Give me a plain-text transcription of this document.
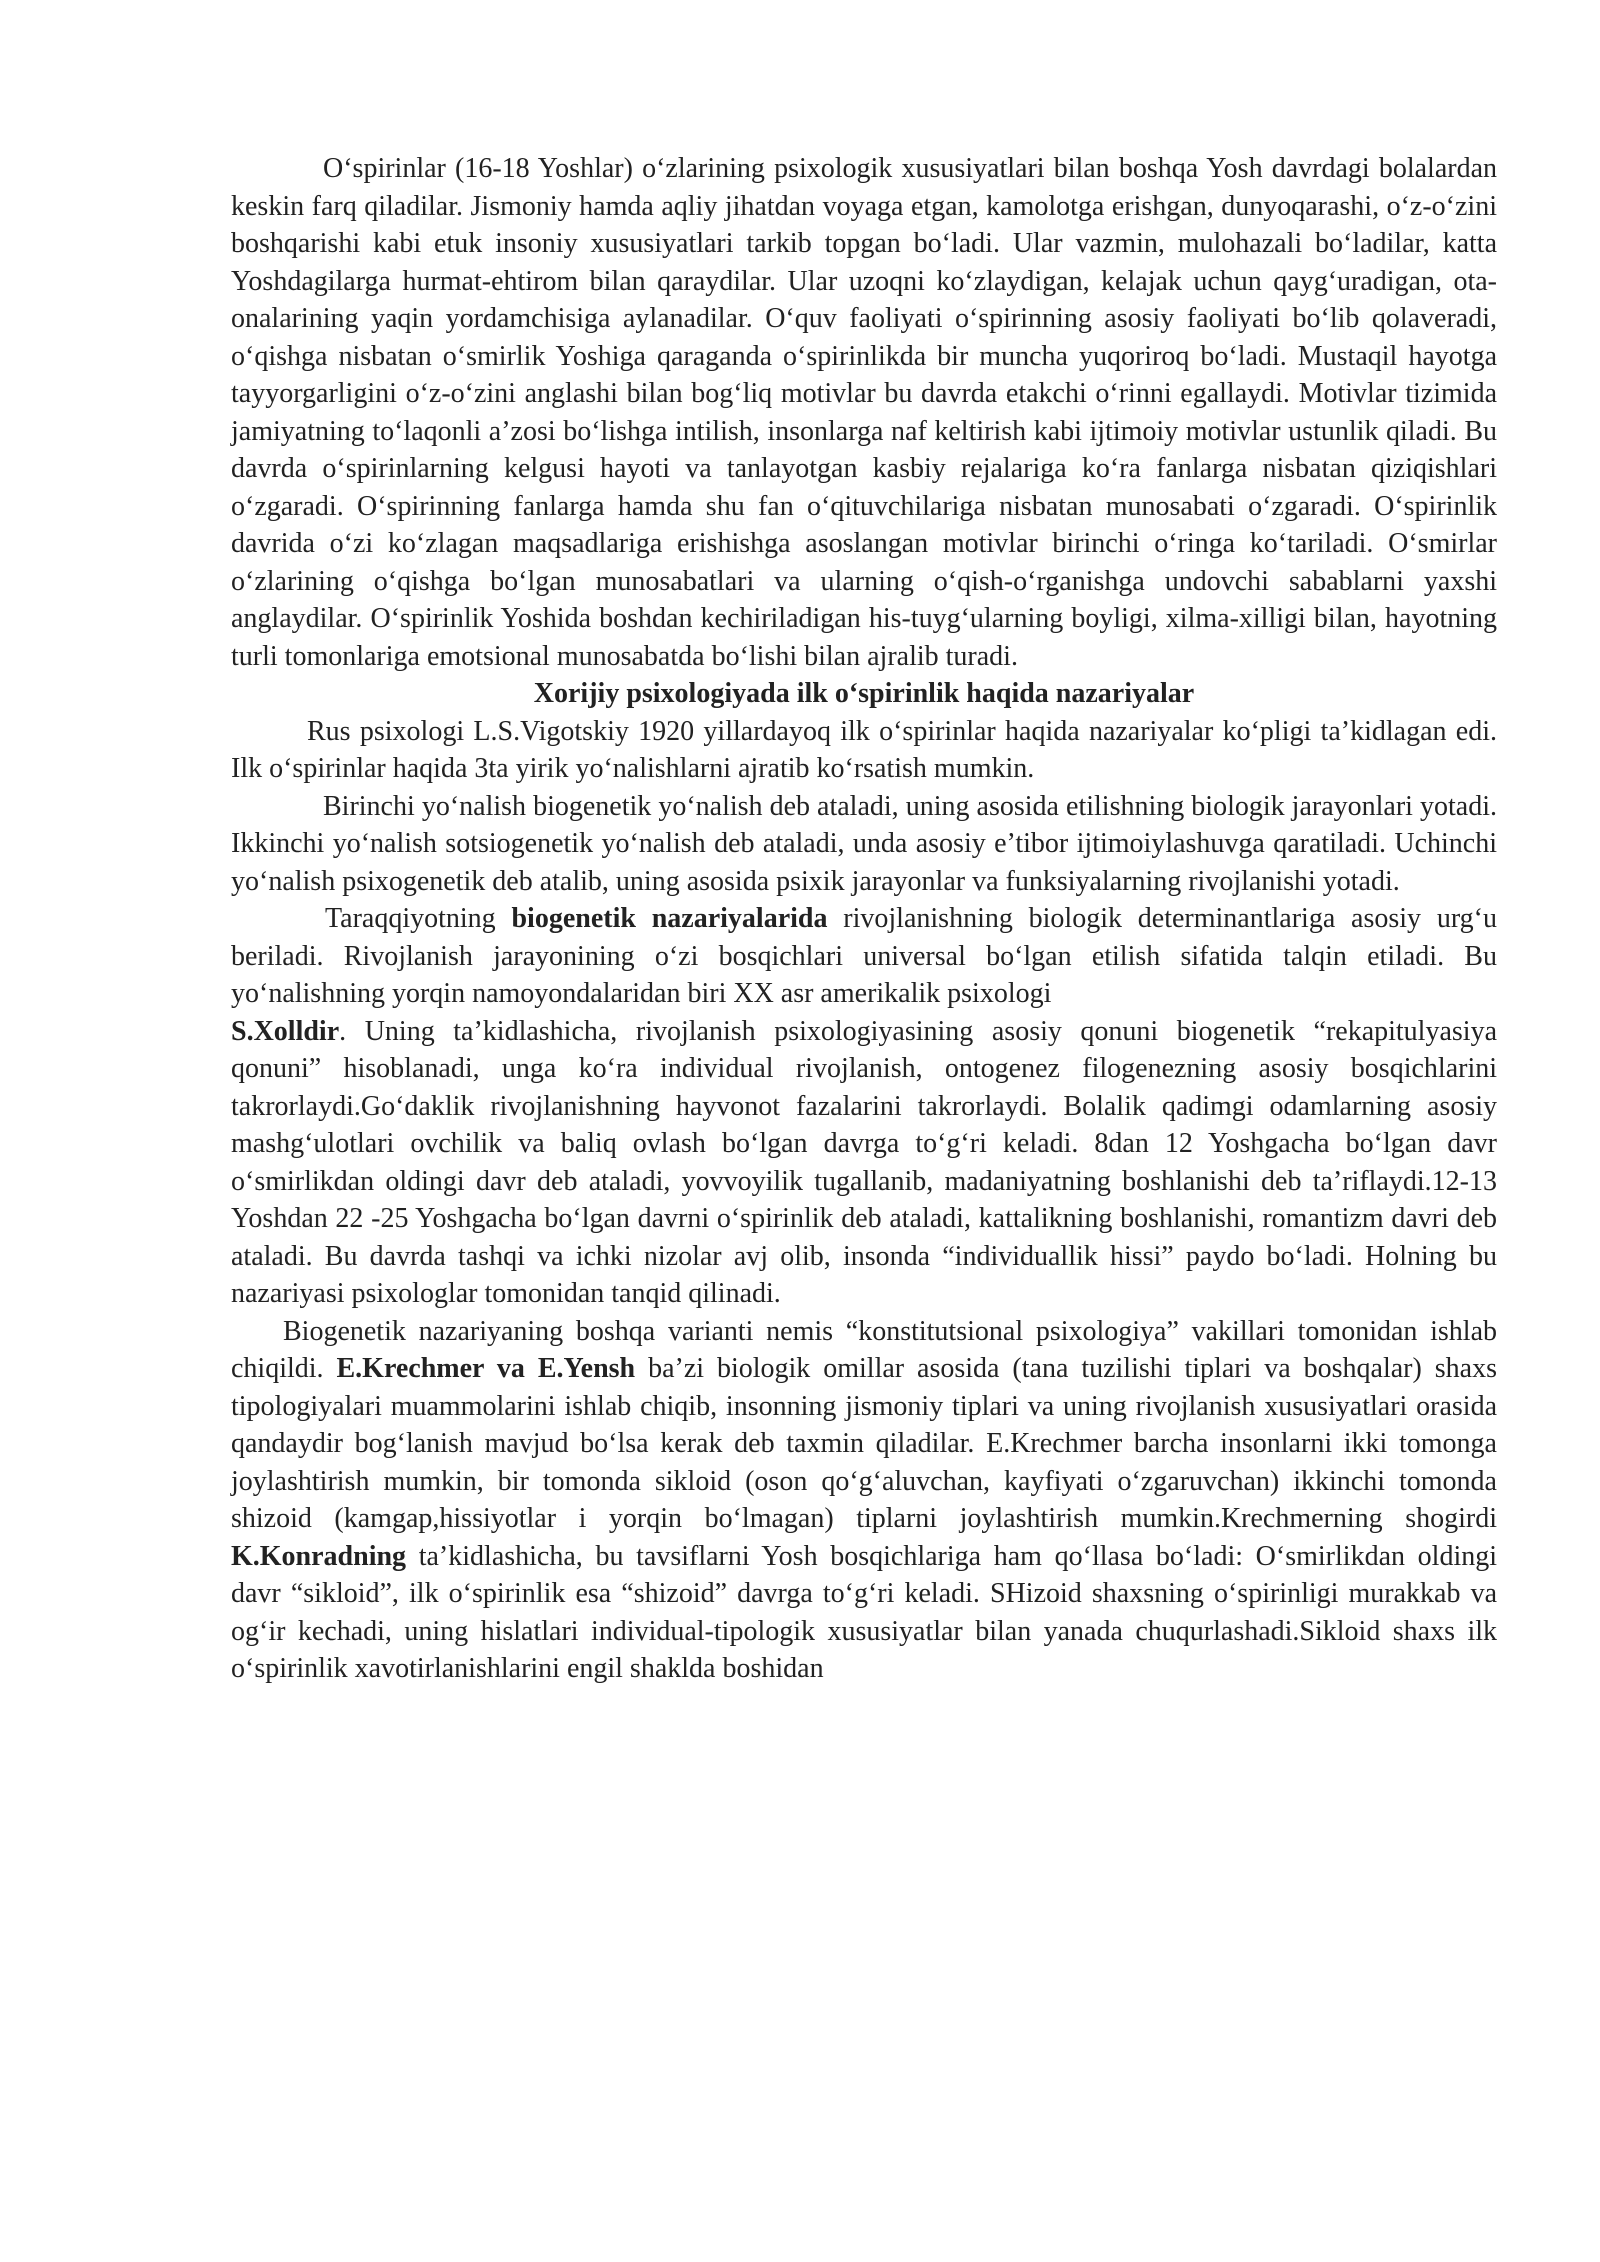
O‘spirinlar (16-18 Yoshlar) o‘zlarining psixologik xususiyatlari bilan boshqa Yosh davrdagi bolalardan keskin farq qiladilar. Jismoniy hamda aqliy jihatdan voyaga etgan, kamolotga erishgan, dunyoqarashi, o‘z-o‘zini boshqarishi kabi etuk insoniy xususiyatlari tarkib topgan bo‘ladi. Ular vazmin, mulohazali bo‘ladilar, katta Yoshdagilarga hurmat-ehtirom bilan qaraydilar. Ular uzoqni ko‘zlaydigan, kelajak uchun qayg‘uradigan, ota-onalarining yaqin yordamchisiga aylanadilar. O‘quv faoliyati o‘spirinning asosiy faoliyati bo‘lib qolaveradi, o‘qishga nisbatan o‘smirlik Yoshiga qaraganda o‘spirinlikda bir muncha yuqoriroq bo‘ladi. Mustaqil hayotga tayyorgarligini o‘z-o‘zini anglashi bilan bog‘liq motivlar bu davrda etakchi o‘rinni egallaydi. Motivlar tizimida jamiyatning to‘laqonli a’zosi bo‘lishga intilish, insonlarga naf keltirish kabi ijtimoiy motivlar ustunlik qiladi. Bu davrda o‘spirinlarning kelgusi hayoti va tanlayotgan kasbiy rejalariga ko‘ra fanlarga nisbatan qiziqishlari o‘zgaradi. O‘spirinning fanlarga hamda shu fan o‘qituvchilariga nisbatan munosabati o‘zgaradi. O‘spirinlik davrida o‘zi ko‘zlagan maqsadlariga erishishga asoslangan motivlar birinchi o‘ringa ko‘tariladi. O‘smirlar o‘zlarining o‘qishga bo‘lgan munosabatlari va ularning o‘qish-o‘rganishga undovchi sabablarni yaxshi anglaydilar. O‘spirinlik Yoshida boshdan kechiriladigan his-tuyg‘ularning boyligi, xilma-xilligi bilan, hayotning turli tomonlariga emotsional munosabatda bo‘lishi bilan ajralib turadi.

Xorijiy psixologiyada ilk o‘spirinlik haqida nazariyalar

Rus psixologi L.S.Vigotskiy 1920 yillardayoq ilk o‘spirinlar haqida nazariyalar ko‘pligi ta’kidlagan edi. Ilk o‘spirinlar haqida 3ta yirik yo‘nalishlarni ajratib ko‘rsatish mumkin.

Birinchi yo‘nalish biogenetik yo‘nalish deb ataladi, uning asosida etilishning biologik jarayonlari yotadi. Ikkinchi yo‘nalish sotsiogenetik yo‘nalish deb ataladi, unda asosiy e’tibor ijtimoiylashuvga qaratiladi. Uchinchi yo‘nalish psixogenetik deb atalib, uning asosida psixik jarayonlar va funksiyalarning rivojlanishi yotadi.

Taraqqiyotning biogenetik nazariyalarida rivojlanishning biologik determinantlariga asosiy urg‘u beriladi. Rivojlanish jarayonining o‘zi bosqichlari universal bo‘lgan etilish sifatida talqin etiladi. Bu yo‘nalishning yorqin namoyondalaridan biri XX asr amerikalik psixologi

S.Xolldir. Uning ta’kidlashicha, rivojlanish psixologiyasining asosiy qonuni biogenetik “rekapitulyasiya qonuni” hisoblanadi, unga ko‘ra individual rivojlanish, ontogenez filogenezning asosiy bosqichlarini takrorlaydi.Go‘daklik rivojlanishning hayvonot fazalarini takrorlaydi. Bolalik qadimgi odamlarning asosiy mashg‘ulotlari ovchilik va baliq ovlash bo‘lgan davrga to‘g‘ri keladi. 8dan 12 Yoshgacha bo‘lgan davr o‘smirlikdan oldingi davr deb ataladi, yovvoyilik tugallanib, madaniyatning boshlanishi deb ta’riflaydi.12-13 Yoshdan 22 -25 Yoshgacha bo‘lgan davrni o‘spirinlik deb ataladi, kattalikning boshlanishi, romantizm davri deb ataladi. Bu davrda tashqi va ichki nizolar avj olib, insonda “individuallik hissi” paydo bo‘ladi. Holning bu nazariyasi psixologlar tomonidan tanqid qilinadi.

Biogenetik nazariyaning boshqa varianti nemis “konstitutsional psixologiya” vakillari tomonidan ishlab chiqildi. E.Krechmer va E.Yensh ba’zi biologik omillar asosida (tana tuzilishi tiplari va boshqalar) shaxs tipologiyalari muammolarini ishlab chiqib, insonning jismoniy tiplari va uning rivojlanish xususiyatlari orasida qandaydir bog‘lanish mavjud bo‘lsa kerak deb taxmin qiladilar. E.Krechmer barcha insonlarni ikki tomonga joylashtirish mumkin, bir tomonda sikloid (oson qo‘g‘aluvchan, kayfiyati o‘zgaruvchan) ikkinchi tomonda shizoid (kamgap,hissiyotlar i yorqin bo‘lmagan) tiplarni joylashtirish mumkin.Krechmerning shogirdi K.Konradning ta’kidlashicha, bu tavsiflarni Yosh bosqichlariga ham qo‘llasa bo‘ladi: O‘smirlikdan oldingi davr “sikloid”, ilk o‘spirinlik esa “shizoid” davrga to‘g‘ri keladi. SHizoid shaxsning o‘spirinligi murakkab va og‘ir kechadi, uning hislatlari individual-tipologik xususiyatlar bilan yanada chuqurlashadi.Sikloid shaxs ilk o‘spirinlik xavotirlanishlarini engil shaklda boshidan
